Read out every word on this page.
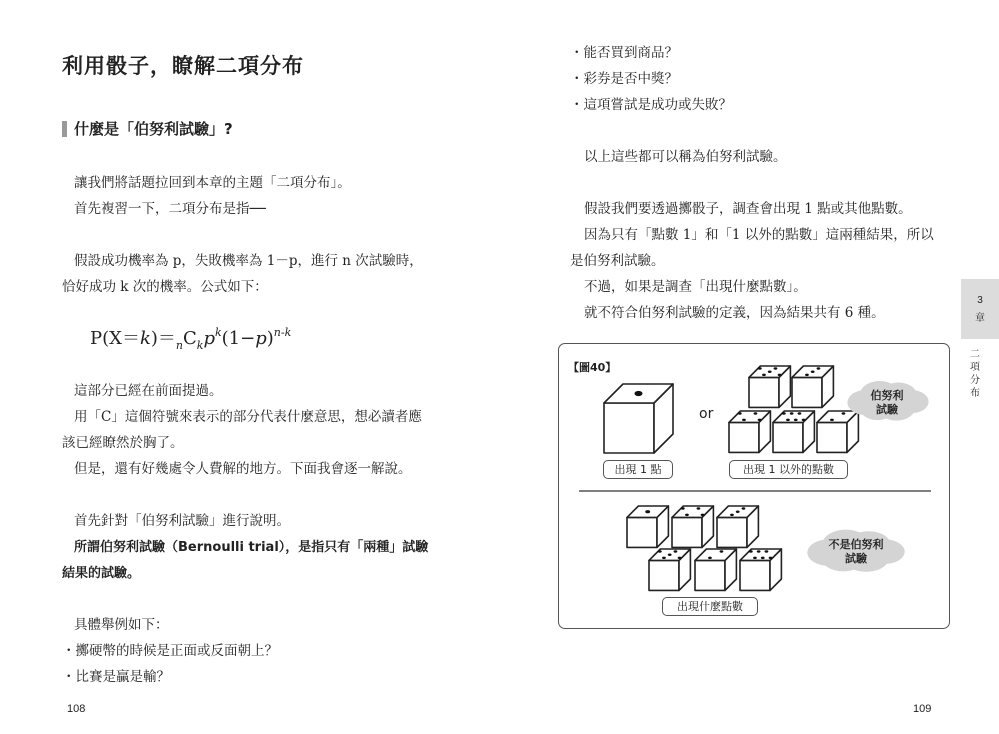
利用骰子，瞭解二項分布
什麼是「伯努利試驗」?
讓我們將話題拉回到本章的主題「二項分布」。
首先複習一下，二項分布是指──
假設成功機率為 p，失敗機率為 1－p，進行 n 次試驗時，
恰好成功 k 次的機率。公式如下：
$P(X=k)=_nC_kp^k(1-p)^{n-k}$
這部分已經在前面提過。
用「C」這個符號來表示的部分代表什麼意思，想必讀者應
該已經瞭然於胸了。
但是，還有好幾處令人費解的地方。下面我會逐一解說。
首先針對「伯努利試驗」進行說明。
所謂伯努利試驗（Bernoulli trial），是指只有「兩種」試驗
結果的試驗。
具體舉例如下：
・擲硬幣的時候是正面或反面朝上？
・比賽是贏是輸？
108
・能否買到商品？
・彩券是否中獎？
・這項嘗試是成功或失敗？
以上這些都可以稱為伯努利試驗。
假設我們要透過擲骰子，調查會出現 1 點或其他點數。
因為只有「點數 1」和「1 以外的點數」這兩種結果，所以
是伯努利試驗。
不過，如果是調查「出現什麼點數」。
就不符合伯努利試驗的定義，因為結果共有 6 種。
109
3
章
二項分布
【圖40】
or
出現 1 點	出現 1 以外的點數
伯努利
試驗
出現什麼點數
不是伯努利
試驗
